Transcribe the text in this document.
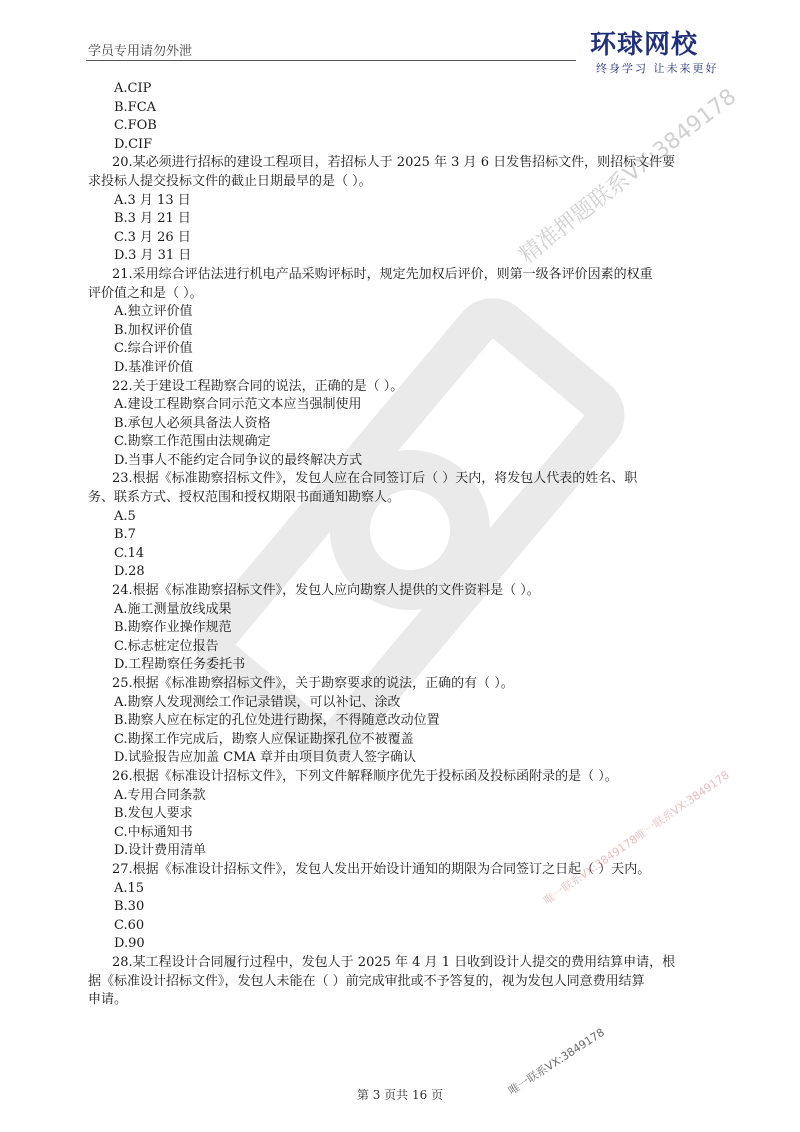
学员专用请勿外泄	环球网校
终身学习 让未来更好
A.CIP
B.FCA
C.FOB
D.CIF
20.某必须进行招标的建设工程项目，若招标人于 2025 年 3 月 6 日发售招标文件，则招标文件要
求投标人提交投标文件的截止日期最早的是（ ）。
A.3 月 13 日
B.3 月 21 日
C.3 月 26 日
D.3 月 31 日
21.采用综合评估法进行机电产品采购评标时，规定先加权后评价，则第一级各评价因素的权重
评价值之和是（ ）。
A.独立评价值
B.加权评价值
C.综合评价值
D.基准评价值
22.关于建设工程勘察合同的说法，正确的是（ ）。
A.建设工程勘察合同示范文本应当强制使用
B.承包人必须具备法人资格
C.勘察工作范围由法规确定
D.当事人不能约定合同争议的最终解决方式
23.根据《标准勘察招标文件》，发包人应在合同签订后（ ）天内，将发包人代表的姓名、职
务、联系方式、授权范围和授权期限书面通知勘察人。
A.5
B.7
C.14
D.28
24.根据《标准勘察招标文件》，发包人应向勘察人提供的文件资料是（ ）。
A.施工测量放线成果
B.勘察作业操作规范
C.标志桩定位报告
D.工程勘察任务委托书
25.根据《标准勘察招标文件》，关于勘察要求的说法，正确的有（ ）。
A.勘察人发现测绘工作记录错误，可以补记、涂改
B.勘察人应在标定的孔位处进行勘探，不得随意改动位置
C.勘探工作完成后，勘察人应保证勘探孔位不被覆盖
D.试验报告应加盖 CMA 章并由项目负责人签字确认
26.根据《标准设计招标文件》，下列文件解释顺序优先于投标函及投标函附录的是（ ）。
A.专用合同条款
B.发包人要求
C.中标通知书
D.设计费用清单
27.根据《标准设计招标文件》，发包人发出开始设计通知的期限为合同签订之日起（ ）天内。
A.15
B.30
C.60
D.90
28.某工程设计合同履行过程中，发包人于 2025 年 4 月 1 日收到设计人提交的费用结算申请，根
据《标准设计招标文件》，发包人未能在（ ）前完成审批或不予答复的，视为发包人同意费用结算
申请。
精准押题联系VX:3849178
唯一联系VX:3849178唯一联系VX:3849178
唯一联系VX:3849178
第 3 页共 16 页
